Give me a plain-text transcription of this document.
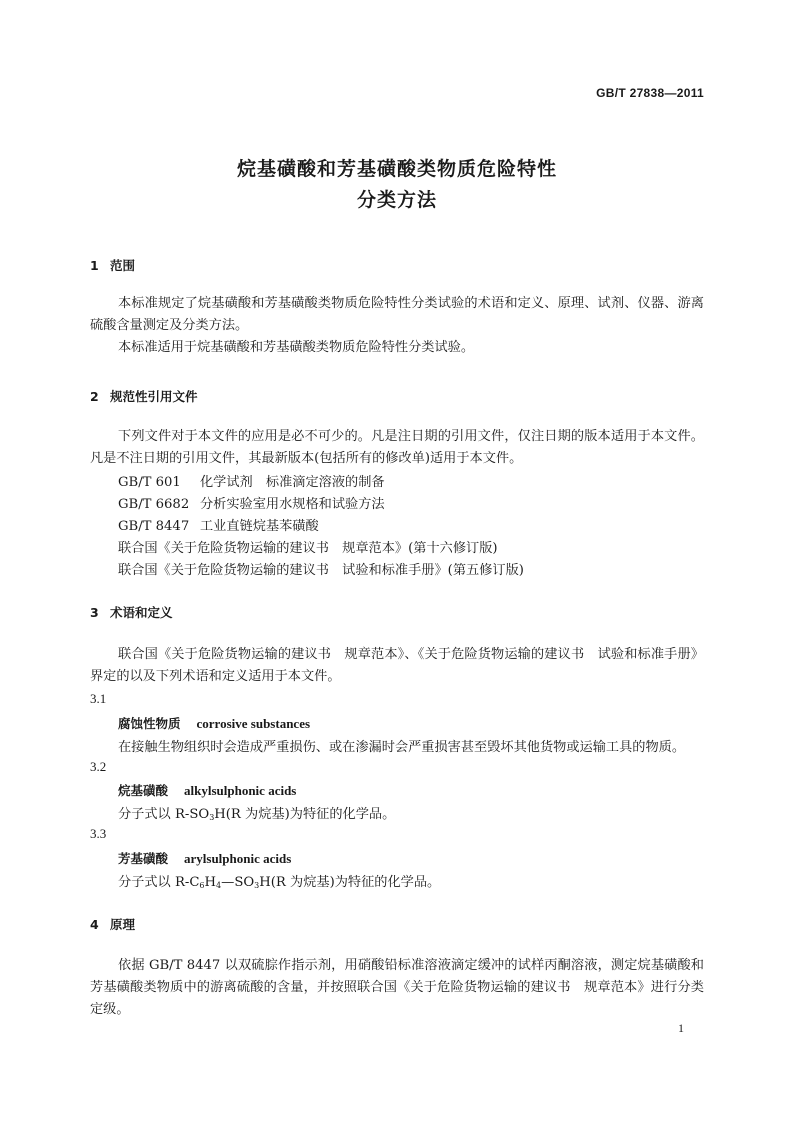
GB/T 27838—2011
烷基磺酸和芳基磺酸类物质危险特性
分类方法
1 范围
本标准规定了烷基磺酸和芳基磺酸类物质危险特性分类试验的术语和定义、原理、试剂、仪器、游离硫酸含量测定及分类方法。
本标准适用于烷基磺酸和芳基磺酸类物质危险特性分类试验。
2 规范性引用文件
下列文件对于本文件的应用是必不可少的。凡是注日期的引用文件，仅注日期的版本适用于本文件。凡是不注日期的引用文件，其最新版本(包括所有的修改单)适用于本文件。
GB/T 601 化学试剂　标准滴定溶液的制备
GB/T 6682 分析实验室用水规格和试验方法
GB/T 8447 工业直链烷基苯磺酸
联合国《关于危险货物运输的建议书　规章范本》(第十六修订版)
联合国《关于危险货物运输的建议书　试验和标准手册》(第五修订版)
3 术语和定义
联合国《关于危险货物运输的建议书　规章范本》、《关于危险货物运输的建议书　试验和标准手册》界定的以及下列术语和定义适用于本文件。
3.1
腐蚀性物质 corrosive substances
在接触生物组织时会造成严重损伤、或在渗漏时会严重损害甚至毁坏其他货物或运输工具的物质。
3.2
烷基磺酸 alkylsulphonic acids
分子式以 $R-SO_3H(R$ 为烷基)为特征的化学品。
3.3
芳基磺酸 arylsulphonic acids
分子式以 $R-C_6H_4—SO_3H(R$ 为烷基)为特征的化学品。
4 原理
依据 GB/T 8447 以双硫腙作指示剂，用硝酸铅标准溶液滴定缓冲的试样丙酮溶液，测定烷基磺酸和芳基磺酸类物质中的游离硫酸的含量，并按照联合国《关于危险货物运输的建议书　规章范本》进行分类定级。
1
